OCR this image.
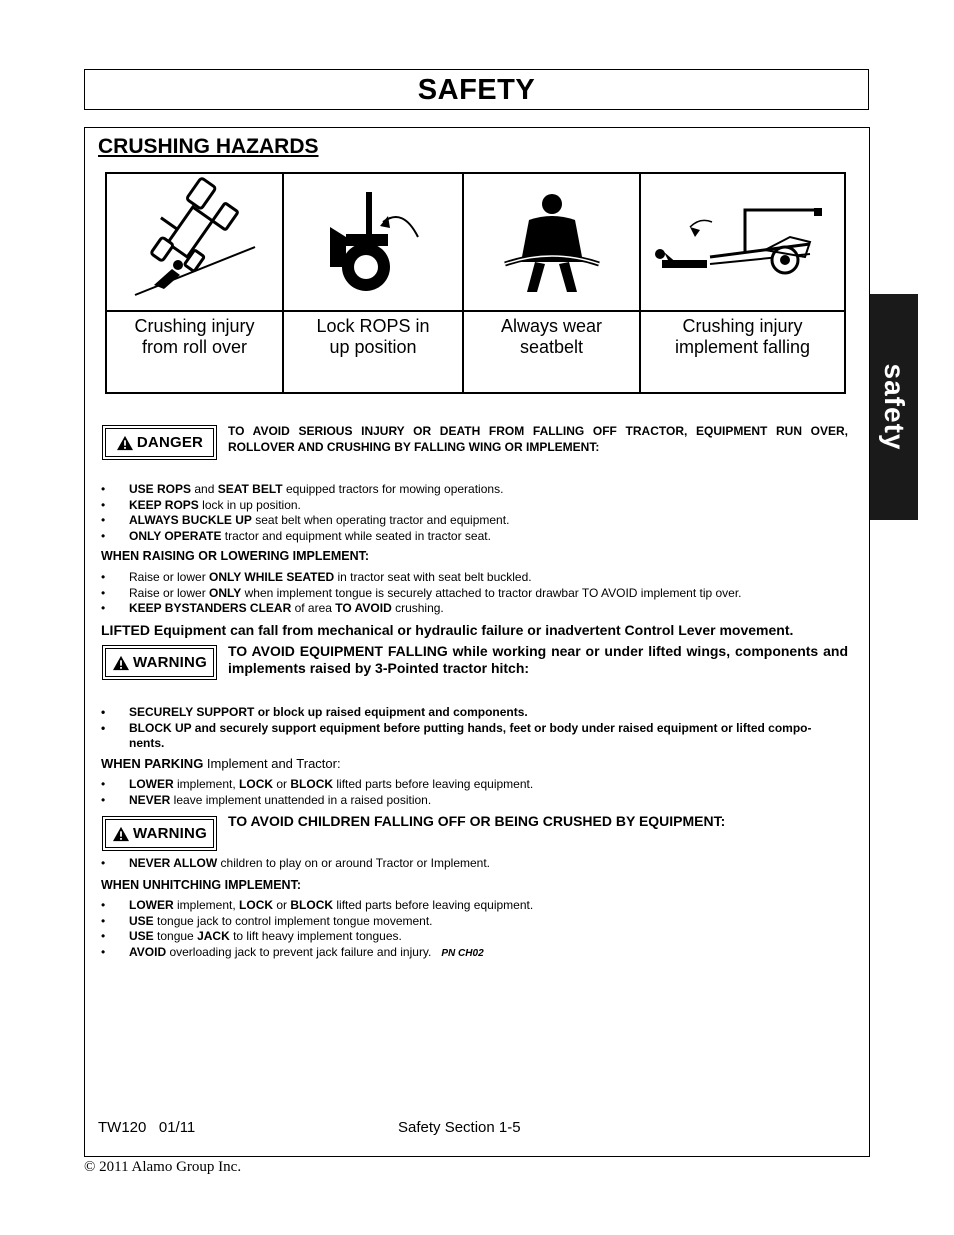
SAFETY
safety
CRUSHING HAZARDS
Crushing injury
from roll over
Lock ROPS in
up position
Always wear
seatbelt
Crushing injury
implement falling
DANGER
TO AVOID SERIOUS INJURY OR DEATH FROM FALLING OFF TRACTOR, EQUIPMENT RUN OVER, ROLLOVER AND CRUSHING BY FALLING WING OR IMPLEMENT:
• USE ROPS and SEAT BELT equipped tractors for mowing operations.
• KEEP ROPS lock in up position.
• ALWAYS BUCKLE UP seat belt when operating tractor and equipment.
• ONLY OPERATE tractor and equipment while seated in tractor seat.
WHEN RAISING OR LOWERING IMPLEMENT:
• Raise or lower ONLY WHILE SEATED in tractor seat with seat belt buckled.
• Raise or lower ONLY when implement tongue is securely attached to tractor drawbar TO AVOID implement tip over.
• KEEP BYSTANDERS CLEAR of area TO AVOID crushing.
LIFTED Equipment can fall from mechanical or hydraulic failure or inadvertent Control Lever movement.
WARNING
TO AVOID EQUIPMENT FALLING while working near or under lifted wings, components and implements raised by 3-Pointed tractor hitch:
• SECURELY SUPPORT or block up raised equipment and components.
• BLOCK UP and securely support equipment before putting hands, feet or body under raised equipment or lifted compo-
nents.
WHEN PARKING Implement and Tractor:
• LOWER implement, LOCK or BLOCK lifted parts before leaving equipment.
• NEVER leave implement unattended in a raised position.
WARNING
TO AVOID CHILDREN FALLING OFF OR BEING CRUSHED BY EQUIPMENT:
• NEVER ALLOW children to play on or around Tractor or Implement.
WHEN UNHITCHING IMPLEMENT:
• LOWER implement, LOCK or BLOCK lifted parts before leaving equipment.
• USE tongue jack to control implement tongue movement.
• USE tongue JACK to lift heavy implement tongues.
• AVOID overloading jack to prevent jack failure and injury. PN CH02
TW120   01/11	Safety Section 1-5
© 2011 Alamo Group Inc.
